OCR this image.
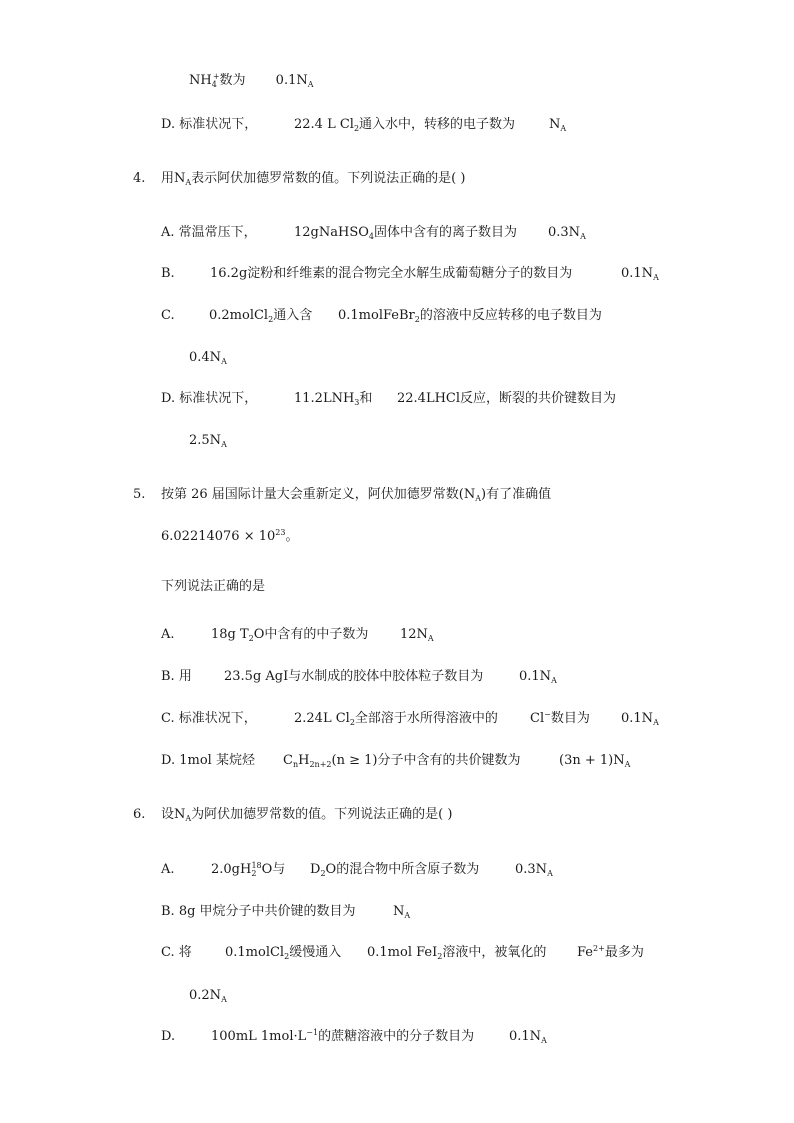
$NH_4^+$数为 $0.1N_A$
D. 标准状况下，	22.4 L $Cl_2$通入水中，转移的电子数为	$N_A$
4. 用$N_A$表示阿伏加德罗常数的值。下列说法正确的是( )
A. 常温常压下，	12gNaHSO$_4$固体中含有的离子数目为 $0.3N_A$
B.	16.2g淀粉和纤维素的混合物完全水解生成葡萄糖分子的数目为	$0.1N_A$
C.	0.2molCl$_2$通入含 0.1molFeBr$_2$的溶液中反应转移的电子数目为
$0.4N_A$
D. 标准状况下，	$11.2LNH_3$和 22.4LHCl反应，断裂的共价键数目为
$2.5N_A$
5. 按第 26 届国际计量大会重新定义，阿伏加德罗常数$(N_A)$有了准确值
$6.02214076 \times 10^{23}$。
下列说法正确的是
A.	18g $T_2O$中含有的中子数为 $12N_A$
B. 用 23.5g AgI与水制成的胶体中胶体粒子数目为	$0.1N_A$
C. 标准状况下，	2.24L $Cl_2$全部溶于水所得溶液中的 Cl−数目为 $0.1N_A$
D. 1mol 某烷烃 $C_nH_{2n+2}(n \ge 1)$分子中含有的共价键数为	$(3n + 1)N_A$
6. 设$N_A$为阿伏加德罗常数的值。下列说法正确的是( )
A.	$2.0gH_2^{18}O$与 $D_2O$的混合物中所含原子数为	$0.3N_A$
B. 8g 甲烷分子中共价键的数目为	$N_A$
C. 将	0.1molCl$_2$缓慢通入 0.1mol FeI$_2$溶液中，被氧化的 $Fe^{2+}$最多为
$0.2N_A$
D.	100mL $1mol\cdot L^{-1}$的蔗糖溶液中的分子数目为	$0.1N_A$
